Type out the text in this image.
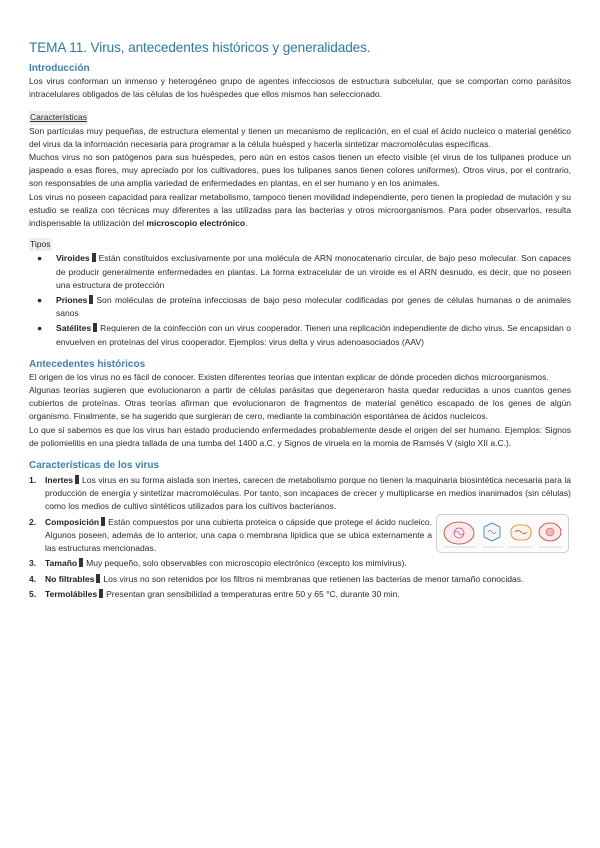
TEMA 11. Virus, antecedentes históricos y generalidades.
Introducción

Los virus conforman un inmenso y heterogéneo grupo de agentes infecciosos de estructura subcelular, que se comportan como parásitos intracelulares obligados de las células de los huéspedes que ellos mismos han seleccionado.

Características

Son partículas muy pequeñas, de estructura elemental y tienen un mecanismo de replicación, en el cual el ácido nucleico o material genético del virus da la información necesaria para programar a la célula huésped y hacerla sintetizar macromoléculas específicas.

Muchos virus no son patógenos para sus huéspedes, pero aún en estos casos tienen un efecto visible (el virus de los tulipanes produce un jaspeado a esas flores, muy apreciado por los cultivadores, pues los tulipanes sanos tienen colores uniformes). Otros virus, por el contrario, son responsables de una amplia variedad de enfermedades en plantas, en el ser humano y en los animales.

Los virus no poseen capacidad para realizar metabolismo, tampoco tienen movilidad independiente, pero tienen la propiedad de mutación y su estudio se realiza con técnicas muy diferentes a las utilizadas para las bacterias y otros microorganismos. Para poder observarlos, resulta indispensable la utilización del microscopio electrónico.

Tipos
● Viroides Están constituidos exclusivamente por una molécula de ARN monocatenario circular, de bajo peso molecular. Son capaces de producir generalmente enfermedades en plantas. La forma extracelular de un viroide es el ARN desnudo, es decir, que no poseen una estructura de protección
● Priones Son moléculas de proteína infecciosas de bajo peso molecular codificadas por genes de células humanas o de animales sanos
● Satélites Requieren de la coinfección con un virus cooperador. Tienen una replicación independiente de dicho virus. Se encapsidan o envuelven en proteínas del virus cooperador. Ejemplos: virus delta y virus adenoasociados (AAV)
Antecedentes históricos

El origen de los virus no es fácil de conocer. Existen diferentes teorías que intentan explicar de dónde proceden dichos microorganismos.

Algunas teorías sugieren que evolucionaron a partir de células parásitas que degeneraron hasta quedar reducidas a unos cuantos genes cubiertos de proteínas. Otras teorías afirman que evolucionaron de fragmentos de material genético escapado de los genes de algún organismo. Finalmente, se ha sugerido que surgieran de cero, mediante la combinación espontánea de ácidos nucleicos.

Lo que sí sabemos es que los virus han estado produciendo enfermedades probablemente desde el origen del ser humano. Ejemplos: Signos de poliomielitis en una piedra tallada de una tumba del 1400 a.C. y Signos de viruela en la momia de Ramsés V (siglo XII a.C.).

Características de los virus
1. Inertes Los virus en su forma aislada son inertes, carecen de metabolismo porque no tienen la maquinaria biosintética necesaria para la producción de energía y sintetizar macromoléculas. Por tanto, son incapaces de crecer y multiplicarse en medios inanimados (sin células) como los medios de cultivo sintéticos utilizados para los cultivos bacterianos.
2. Composición Están compuestos por una cubierta proteica o cápside que protege el ácido nucleico. Algunos poseen, además de lo anterior, una capa o membrana lipídica que se ubica externamente a las estructuras mencionadas.
3. Tamaño Muy pequeño, solo observables con microscopio electrónico (excepto los mimivirus).
4. No filtrables Los virus no son retenidos por los filtros ni membranas que retienen las bacterias de menor tamaño conocidas.
5. Termolábiles Presentan gran sensibilidad a temperaturas entre 50 y 65 °C, durante 30 min.
